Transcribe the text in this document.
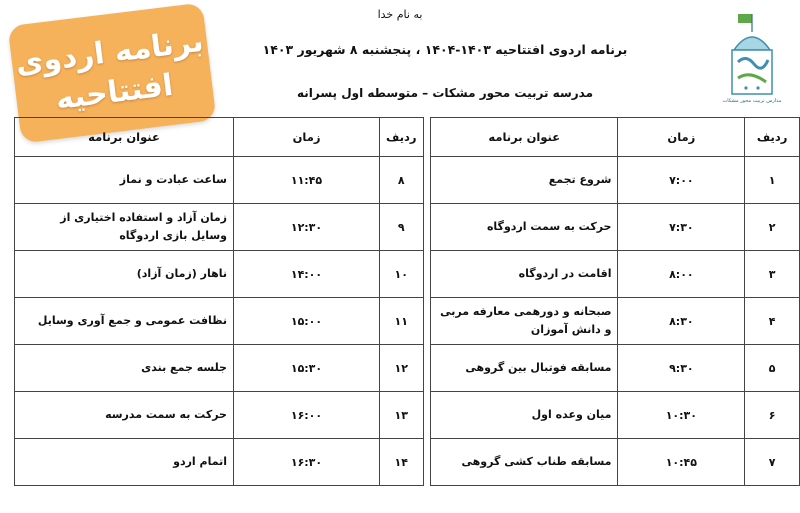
به نام خدا
برنامه اردوی افتتاحیه ۱۴۰۳-۱۴۰۴ ، پنجشنبه ۸ شهریور ۱۴۰۳
مدرسه تربیت محور مشکات – متوسطه اول پسرانه
برنامه اردوی
افتتاحیه	مدارس تربیت محور مشکات
ردیف	زمان	عنوان برنامه
۱	۷:۰۰	شروع تجمع
۲	۷:۳۰	حرکت به سمت اردوگاه
۳	۸:۰۰	اقامت در اردوگاه
۴	۸:۳۰	صبحانه و دورهمی معارفه مربی و دانش آموزان
۵	۹:۳۰	مسابقه فوتبال بین گروهی
۶	۱۰:۳۰	میان وعده اول
۷	۱۰:۴۵	مسابقه طناب کشی گروهی
ردیف	زمان	عنوان برنامه
۸	۱۱:۴۵	ساعت عبادت و نماز
۹	۱۲:۳۰	زمان آزاد و استفاده اختیاری از وسایل بازی اردوگاه
۱۰	۱۴:۰۰	ناهار (زمان آزاد)
۱۱	۱۵:۰۰	نظافت عمومی و جمع آوری وسایل
۱۲	۱۵:۳۰	جلسه جمع بندی
۱۳	۱۶:۰۰	حرکت به سمت مدرسه
۱۴	۱۶:۳۰	اتمام اردو
